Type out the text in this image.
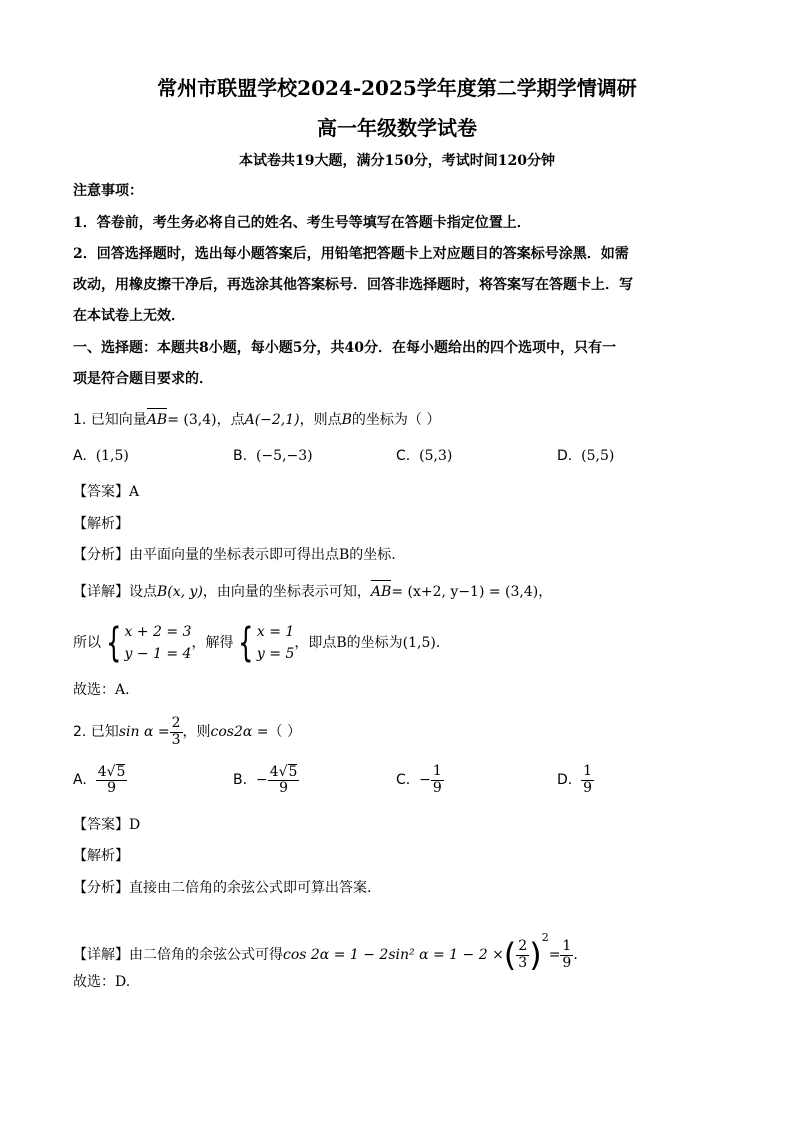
常州市联盟学校2024-2025学年度第二学期学情调研
高一年级数学试卷
本试卷共19大题，满分150分，考试时间120分钟
注意事项：
1．答卷前，考生务必将自己的姓名、考生号等填写在答题卡指定位置上．
2．回答选择题时，选出每小题答案后，用铅笔把答题卡上对应题目的答案标号涂黑．如需
改动，用橡皮擦干净后，再选涂其他答案标号．回答非选择题时，将答案写在答题卡上．写
在本试卷上无效．
一、选择题：本题共8小题，每小题5分，共40分．在每小题给出的四个选项中，只有一
项是符合题目要求的．
1. 已知向量AB= (3,4)，点A(−2,1)，则点B的坐标为（ ）
A. (1,5)	B. (−5,−3)	C. (5,3)	D. (5,5)
【答案】A
【解析】
【分析】由平面向量的坐标表示即可得出点B的坐标.
【详解】设点B(x, y)，由向量的坐标表示可知，AB= (x+2, y−1) = (3,4)，
所以 { x + 2 = 3
y − 1 = 4
，解得 { x = 1
y = 5
，即点B的坐标为(1,5).
故选：A.
2. 已知$\sin \alpha = \frac{2}{3}$ ，则cos2α =（ ）
A. $\frac{4√5}{9}$	B. − $\frac{4√5}{9}$	C. − $\frac{1}{9}$	D. $\frac{1}{9}$
【答案】D
【解析】
【分析】直接由二倍角的余弦公式即可算出答案.
【详解】由二倍角的余弦公式可得cos 2α = 1 − 2sin² α = 1 − 2 ×( $\frac{2}{3} )^2= \frac{1}{9}$ .
故选：D.
